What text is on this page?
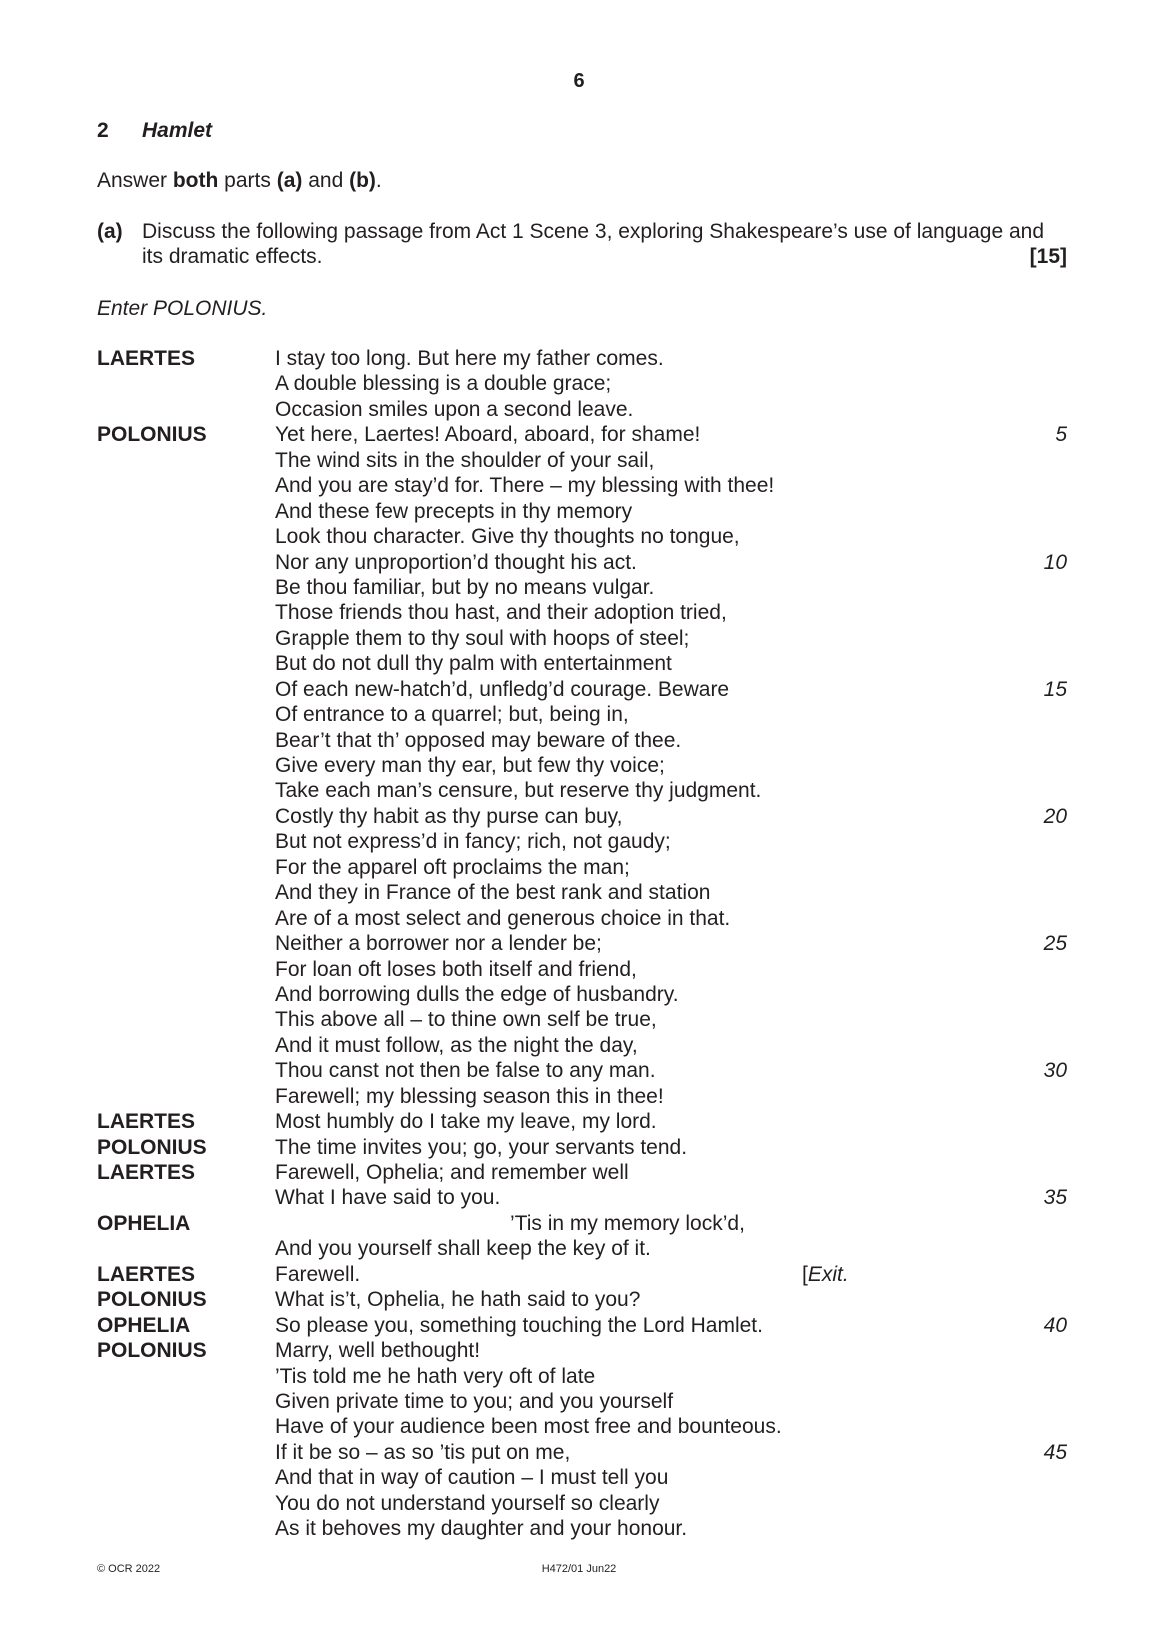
6
2 Hamlet
Answer both parts (a) and (b).
(a) Discuss the following passage from Act 1 Scene 3, exploring Shakespeare’s use of language and its dramatic effects.	[15]
Enter POLONIUS.
LAERTES	I stay too long. But here my father comes.
A double blessing is a double grace;
Occasion smiles upon a second leave.
POLONIUS	Yet here, Laertes! Aboard, aboard, for shame!	5
The wind sits in the shoulder of your sail,
And you are stay’d for. There – my blessing with thee!
And these few precepts in thy memory
Look thou character. Give thy thoughts no tongue,
Nor any unproportion’d thought his act.	10
Be thou familiar, but by no means vulgar.
Those friends thou hast, and their adoption tried,
Grapple them to thy soul with hoops of steel;
But do not dull thy palm with entertainment
Of each new-hatch’d, unfledg’d courage. Beware	15
Of entrance to a quarrel; but, being in,
Bear’t that th’ opposed may beware of thee.
Give every man thy ear, but few thy voice;
Take each man’s censure, but reserve thy judgment.
Costly thy habit as thy purse can buy,	20
But not express’d in fancy; rich, not gaudy;
For the apparel oft proclaims the man;
And they in France of the best rank and station
Are of a most select and generous choice in that.
Neither a borrower nor a lender be;	25
For loan oft loses both itself and friend,
And borrowing dulls the edge of husbandry.
This above all – to thine own self be true,
And it must follow, as the night the day,
Thou canst not then be false to any man.	30
Farewell; my blessing season this in thee!
LAERTES	Most humbly do I take my leave, my lord.
POLONIUS	The time invites you; go, your servants tend.
LAERTES	Farewell, Ophelia; and remember well
What I have said to you.	35
OPHELIA	’Tis in my memory lock’d,
And you yourself shall keep the key of it.
LAERTES	Farewell.	[Exit.
POLONIUS	What is’t, Ophelia, he hath said to you?
OPHELIA	So please you, something touching the Lord Hamlet.	40
POLONIUS	Marry, well bethought!
’Tis told me he hath very oft of late
Given private time to you; and you yourself
Have of your audience been most free and bounteous.
If it be so – as so ’tis put on me,	45
And that in way of caution – I must tell you
You do not understand yourself so clearly
As it behoves my daughter and your honour.
© OCR 2022	H472/01 Jun22
